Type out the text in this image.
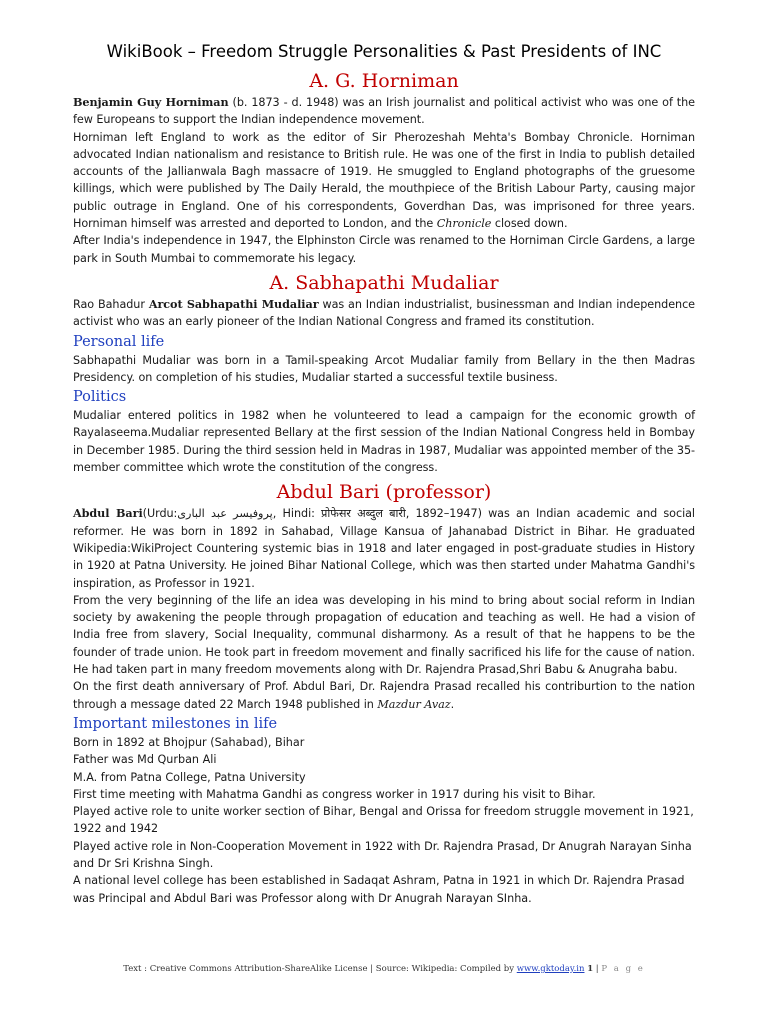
WikiBook – Freedom Struggle Personalities & Past Presidents of INC
A. G. Horniman

Benjamin Guy Horniman (b. 1873 - d. 1948) was an Irish journalist and political activist who was one of the few Europeans to support the Indian independence movement.

Horniman left England to work as the editor of Sir Pherozeshah Mehta's Bombay Chronicle. Horniman advocated Indian nationalism and resistance to British rule. He was one of the first in India to publish detailed accounts of the Jallianwala Bagh massacre of 1919. He smuggled to England photographs of the gruesome killings, which were published by The Daily Herald, the mouthpiece of the British Labour Party, causing major public outrage in England. One of his correspondents, Goverdhan Das, was imprisoned for three years. Horniman himself was arrested and deported to London, and the Chronicle closed down.

After India's independence in 1947, the Elphinston Circle was renamed to the Horniman Circle Gardens, a large park in South Mumbai to commemorate his legacy.

A. Sabhapathi Mudaliar

Rao Bahadur Arcot Sabhapathi Mudaliar was an Indian industrialist, businessman and Indian independence activist who was an early pioneer of the Indian National Congress and framed its constitution.

Personal life

Sabhapathi Mudaliar was born in a Tamil-speaking Arcot Mudaliar family from Bellary in the then Madras Presidency. on completion of his studies, Mudaliar started a successful textile business.

Politics

Mudaliar entered politics in 1982 when he volunteered to lead a campaign for the economic growth of Rayalaseema.Mudaliar represented Bellary at the first session of the Indian National Congress held in Bombay in December 1985. During the third session held in Madras in 1987, Mudaliar was appointed member of the 35-member committee which wrote the constitution of the congress.

Abdul Bari (professor)

Abdul Bari(Urdu:پروفیسر عبد الباری, Hindi: प्रोफेसर अब्दुल बारी, 1892–1947) was an Indian academic and social reformer. He was born in 1892 in Sahabad, Village Kansua of Jahanabad District in Bihar. He graduated Wikipedia:WikiProject Countering systemic bias in 1918 and later engaged in post-graduate studies in History in 1920 at Patna University. He joined Bihar National College, which was then started under Mahatma Gandhi's inspiration, as Professor in 1921.

From the very beginning of the life an idea was developing in his mind to bring about social reform in Indian society by awakening the people through propagation of education and teaching as well. He had a vision of India free from slavery, Social Inequality, communal disharmony. As a result of that he happens to be the founder of trade union. He took part in freedom movement and finally sacrificed his life for the cause of nation. He had taken part in many freedom movements along with Dr. Rajendra Prasad,Shri Babu & Anugraha babu.

On the first death anniversary of Prof. Abdul Bari, Dr. Rajendra Prasad recalled his contriburtion to the nation through a message dated 22 March 1948 published in Mazdur Avaz.

Important milestones in life

Born in 1892 at Bhojpur (Sahabad), Bihar

Father was Md Qurban Ali

M.A. from Patna College, Patna University

First time meeting with Mahatma Gandhi as congress worker in 1917 during his visit to Bihar.

Played active role to unite worker section of Bihar, Bengal and Orissa for freedom struggle movement in 1921, 1922 and 1942

Played active role in Non-Cooperation Movement in 1922 with Dr. Rajendra Prasad, Dr Anugrah Narayan Sinha and Dr Sri Krishna Singh.

A national level college has been established in Sadaqat Ashram, Patna in 1921 in which Dr. Rajendra Prasad was Principal and Abdul Bari was Professor along with Dr Anugrah Narayan SInha.

Text : Creative Commons Attribution-ShareAlike License | Source: Wikipedia: Compiled by www.gktoday.in 1 | P a g e
